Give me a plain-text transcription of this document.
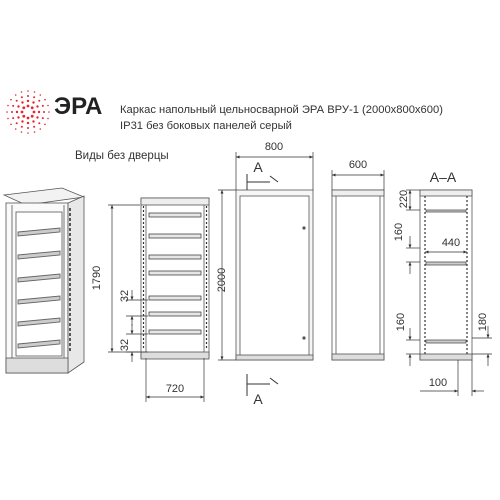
ЭРА Каркас напольный цельносварной ЭРА ВРУ-1 (2000х800х600)
IP31 без боковых панелей серый
Виды без дверцы
1790
32
32
720
800
2000
A
A
600
A–A
220
160
440
160	180
100
